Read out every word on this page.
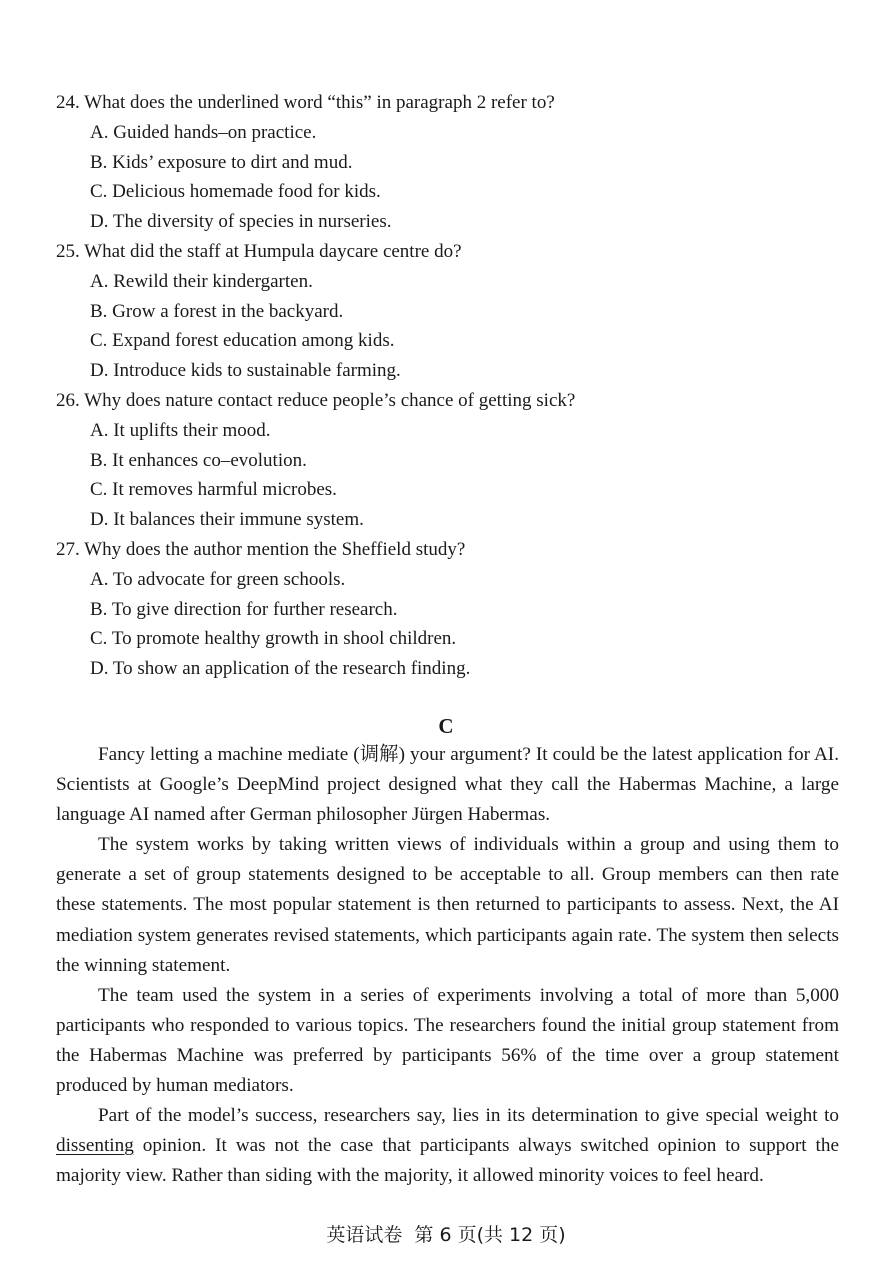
24. What does the underlined word “this” in paragraph 2 refer to?
A. Guided hands–on practice.
B. Kids’ exposure to dirt and mud.
C. Delicious homemade food for kids.
D. The diversity of species in nurseries.
25. What did the staff at Humpula daycare centre do?
A. Rewild their kindergarten.
B. Grow a forest in the backyard.
C. Expand forest education among kids.
D. Introduce kids to sustainable farming.
26. Why does nature contact reduce people’s chance of getting sick?
A. It uplifts their mood.
B. It enhances co–evolution.
C. It removes harmful microbes.
D. It balances their immune system.
27. Why does the author mention the Sheffield study?
A. To advocate for green schools.
B. To give direction for further research.
C. To promote healthy growth in shool children.
D. To show an application of the research finding.
C

Fancy letting a machine mediate (调解) your argument? It could be the latest application for AI. Scientists at Google’s DeepMind project designed what they call the Habermas Machine, a large language AI named after German philosopher Jürgen Habermas.

The system works by taking written views of individuals within a group and using them to generate a set of group statements designed to be acceptable to all. Group members can then rate these statements. The most popular statement is then returned to participants to assess. Next, the AI mediation system generates revised statements, which participants again rate. The system then selects the winning statement.

The team used the system in a series of experiments involving a total of more than 5,000 participants who responded to various topics. The researchers found the initial group statement from the Habermas Machine was preferred by participants 56% of the time over a group statement produced by human mediators.

Part of the model’s success, researchers say, lies in its determination to give special weight to dissenting opinion. It was not the case that participants always switched opinion to support the majority view. Rather than siding with the majority, it allowed minority voices to feel heard.

英语试卷 第 6 页(共 12 页)
